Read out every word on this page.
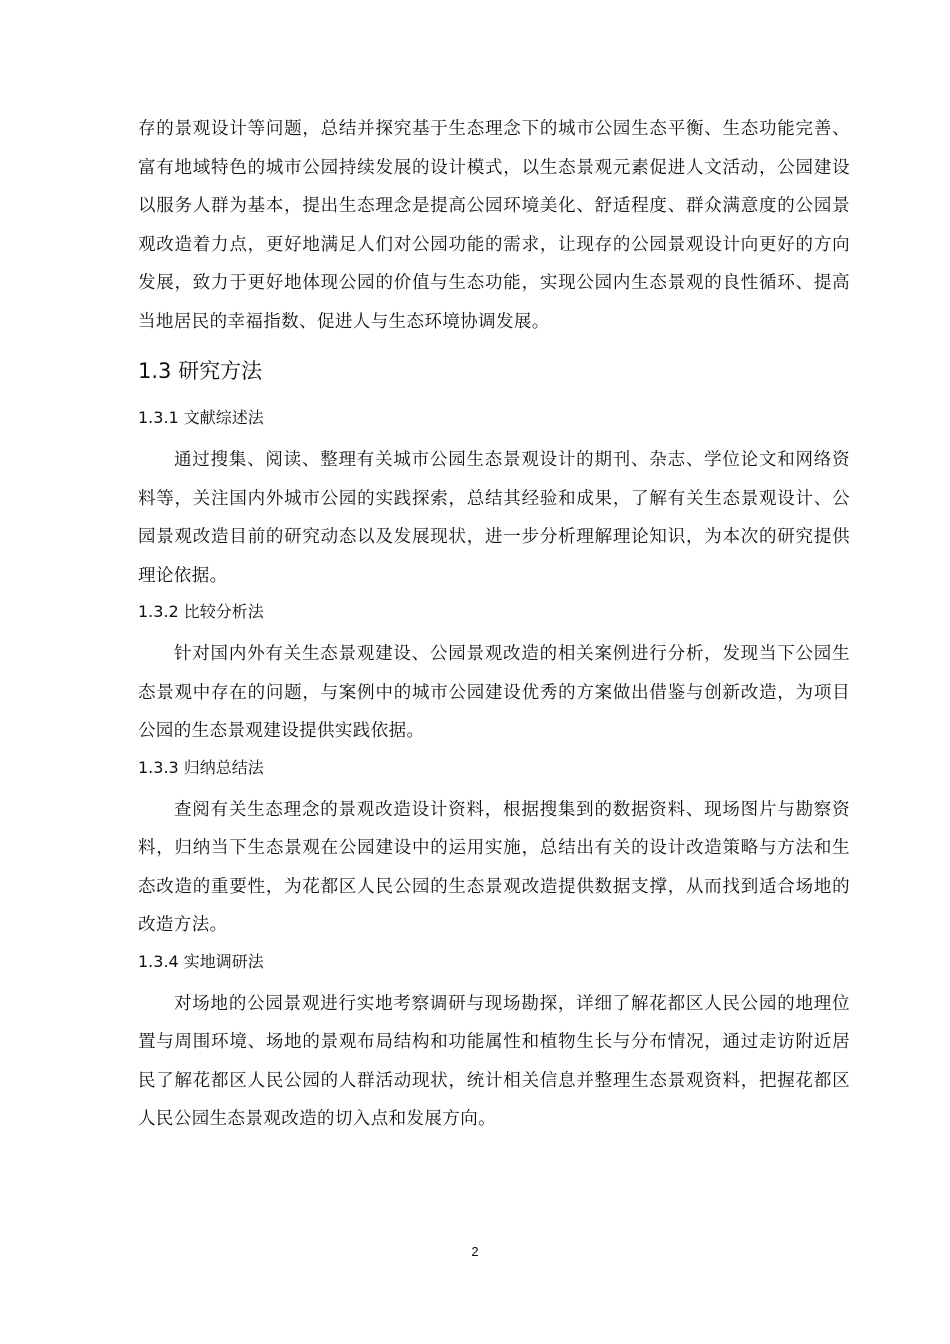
存的景观设计等问题，总结并探究基于生态理念下的城市公园生态平衡、生态功能完善、富有地域特色的城市公园持续发展的设计模式，以生态景观元素促进人文活动，公园建设以服务人群为基本，提出生态理念是提高公园环境美化、舒适程度、群众满意度的公园景观改造着力点，更好地满足人们对公园功能的需求，让现存的公园景观设计向更好的方向发展，致力于更好地体现公园的价值与生态功能，实现公园内生态景观的良性循环、提高当地居民的幸福指数、促进人与生态环境协调发展。

1.3 研究方法
1.3.1 文献综述法

通过搜集、阅读、整理有关城市公园生态景观设计的期刊、杂志、学位论文和网络资料等，关注国内外城市公园的实践探索，总结其经验和成果，了解有关生态景观设计、公园景观改造目前的研究动态以及发展现状，进一步分析理解理论知识，为本次的研究提供理论依据。

1.3.2 比较分析法

针对国内外有关生态景观建设、公园景观改造的相关案例进行分析，发现当下公园生态景观中存在的问题，与案例中的城市公园建设优秀的方案做出借鉴与创新改造，为项目公园的生态景观建设提供实践依据。

1.3.3 归纳总结法

查阅有关生态理念的景观改造设计资料，根据搜集到的数据资料、现场图片与勘察资料，归纳当下生态景观在公园建设中的运用实施，总结出有关的设计改造策略与方法和生态改造的重要性，为花都区人民公园的生态景观改造提供数据支撑，从而找到适合场地的改造方法。

1.3.4 实地调研法

对场地的公园景观进行实地考察调研与现场勘探，详细了解花都区人民公园的地理位置与周围环境、场地的景观布局结构和功能属性和植物生长与分布情况，通过走访附近居民了解花都区人民公园的人群活动现状，统计相关信息并整理生态景观资料，把握花都区人民公园生态景观改造的切入点和发展方向。

2
